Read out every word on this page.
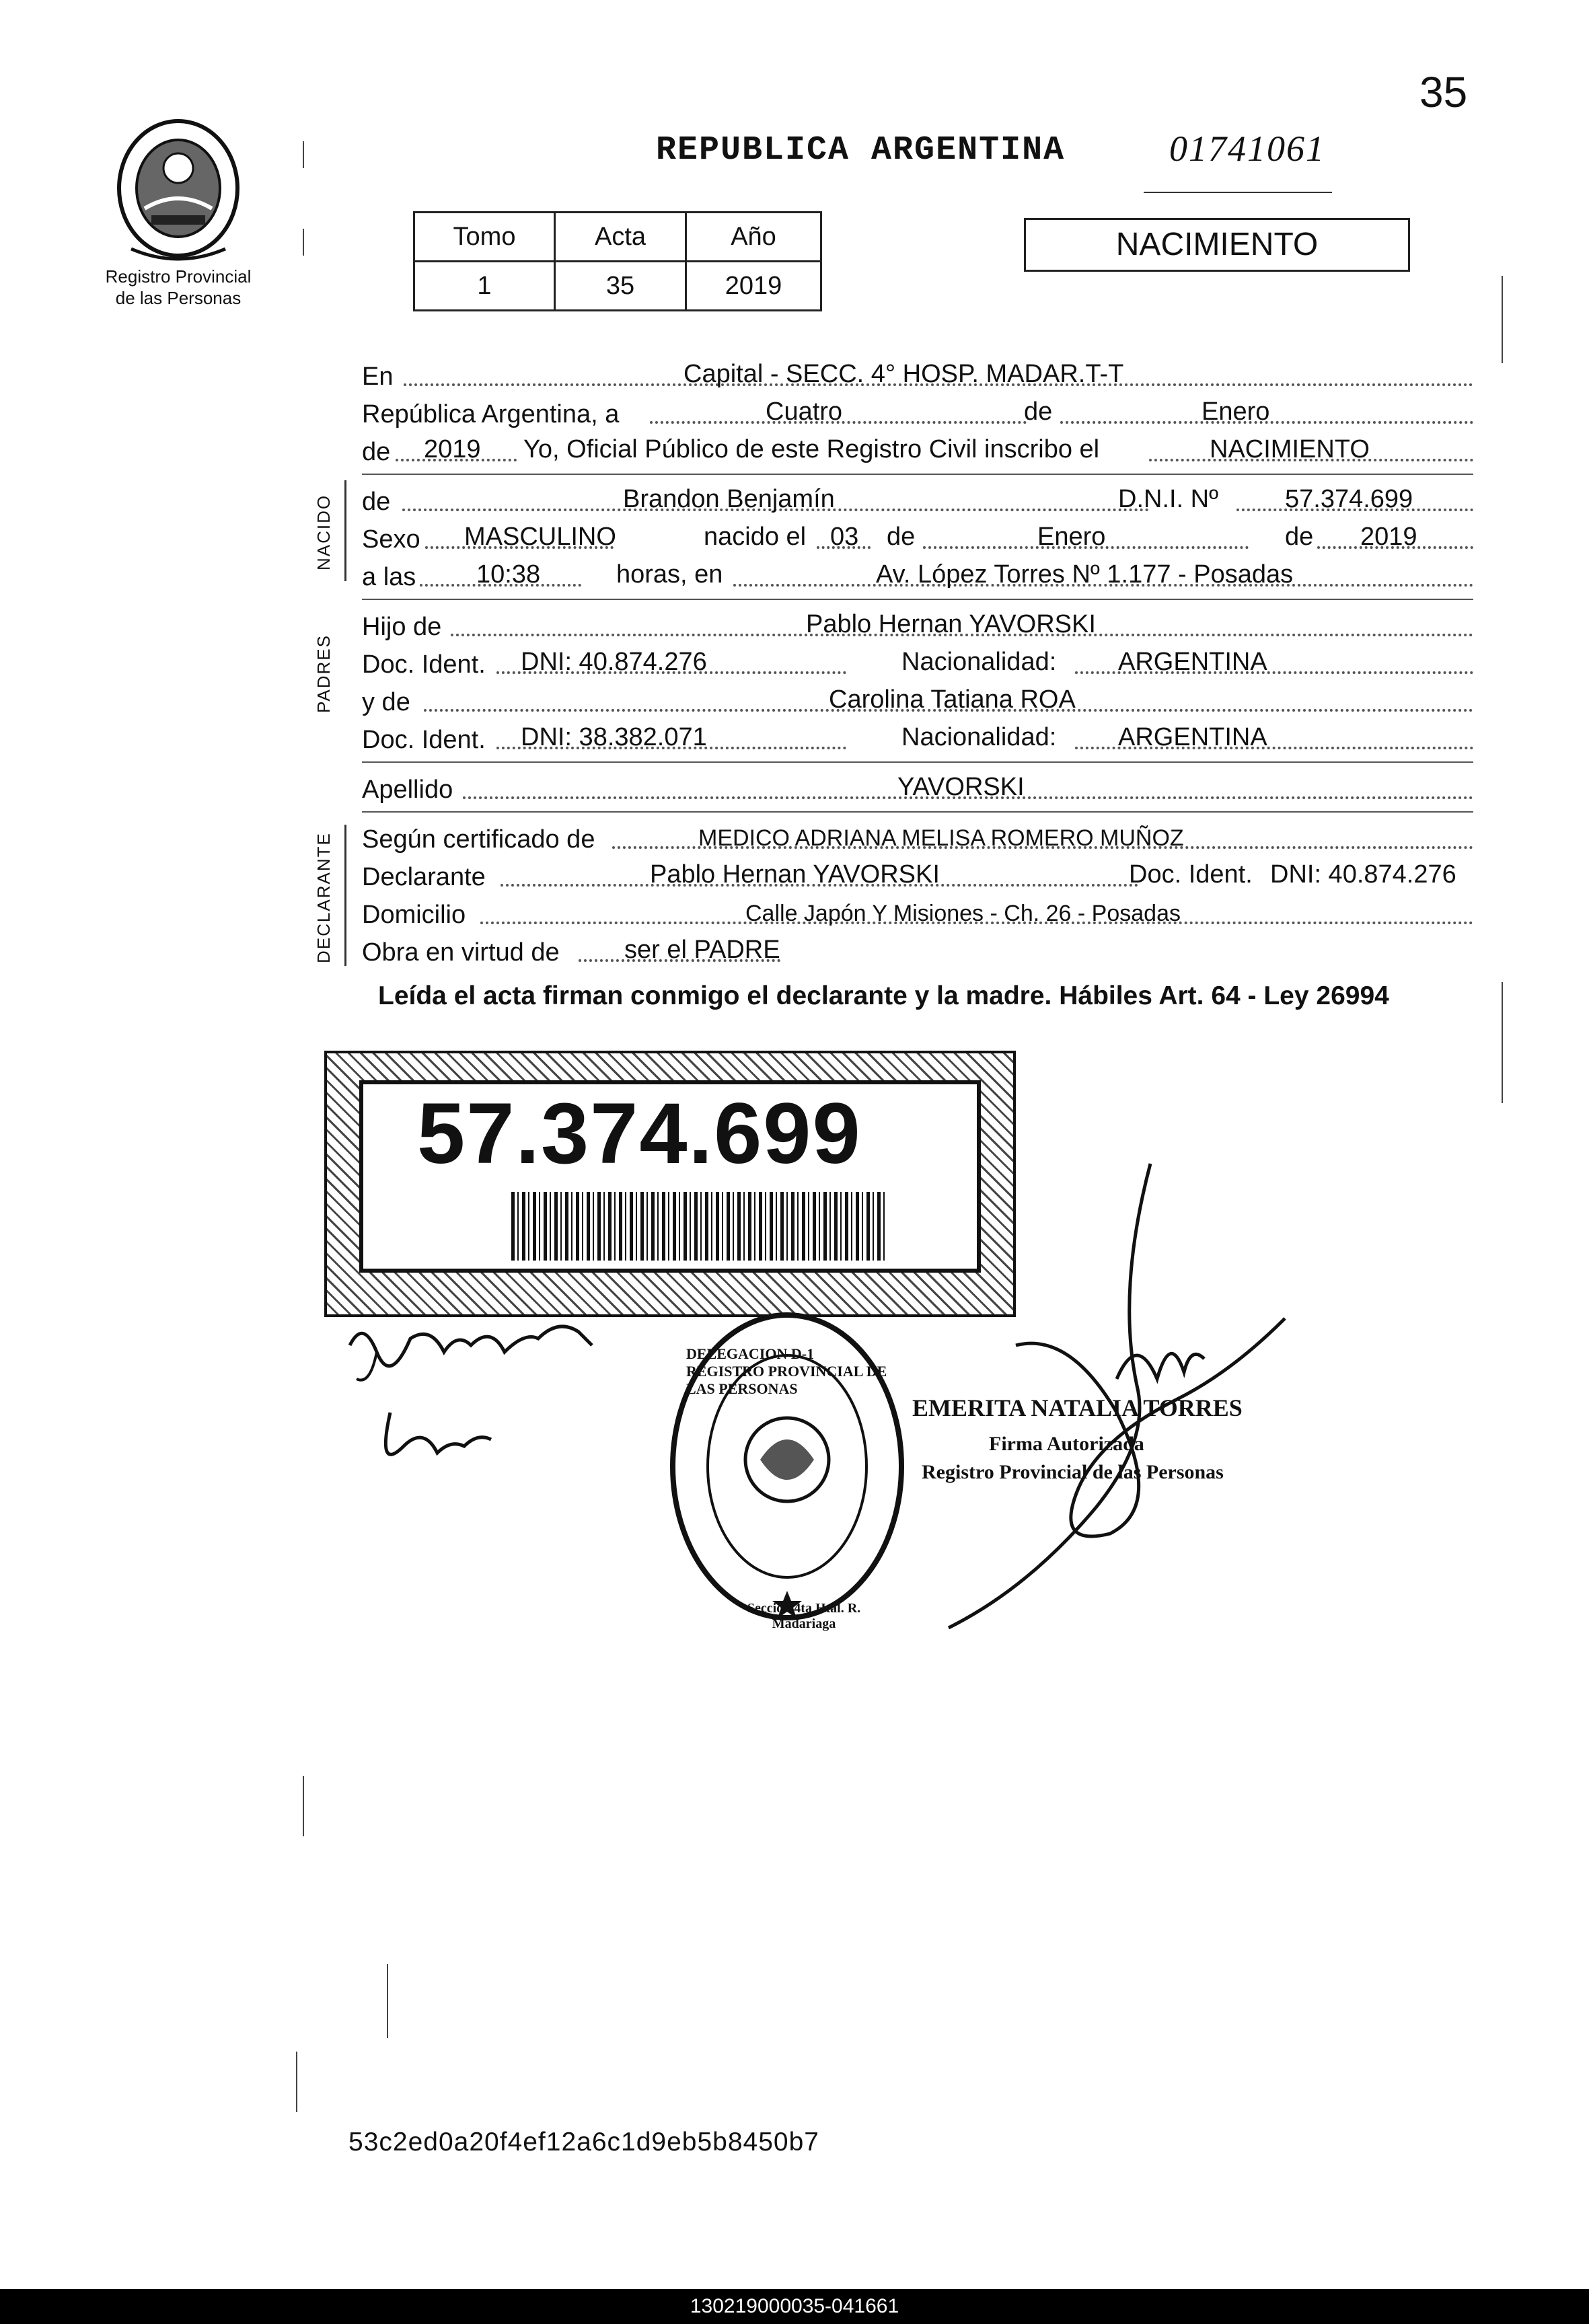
35
Registro Provincial
de las Personas
REPUBLICA ARGENTINA	01741061
Tomo	Acta	Año
1	35	2019
NACIMIENTO
NACIDO
PADRES
DECLARANTE
En	Capital - SECC. 4° HOSP. MADAR.T-T
República Argentina, a	Cuatro	de	Enero
de 2019 Yo, Oficial Público de este Registro Civil inscribo el	NACIMIENTO
de	Brandon Benjamín	D.N.I. Nº	57.374.699
Sexo MASCULINO	nacido el 03 de	Enero	de 2019
a las 10:38	horas, en	Av. López Torres Nº 1.177 - Posadas
Hijo de	Pablo Hernan YAVORSKI
Doc. Ident. DNI: 40.874.276	Nacionalidad: ARGENTINA
y de	Carolina Tatiana ROA
Doc. Ident. DNI: 38.382.071	Nacionalidad: ARGENTINA
Apellido	YAVORSKI
Según certificado de	MEDICO ADRIANA MELISA ROMERO MUÑOZ
Declarante	Pablo Hernan YAVORSKI	Doc. Ident. DNI: 40.874.276
Domicilio	Calle Japón Y Misiones - Ch. 26 - Posadas
Obra en virtud de	ser el PADRE
Leída el acta firman conmigo el declarante y la madre. Hábiles Art. 64 - Ley 26994
57.374.699
DELEGACION D-1 REGISTRO PROVINCIAL DE LAS PERSONAS
Sección 4ta Htal. R. Madariaga
EMERITA NATALIA TORRES
Firma Autorizada
Registro Provincial de las Personas
53c2ed0a20f4ef12a6c1d9eb5b8450b7
130219000035-041661
